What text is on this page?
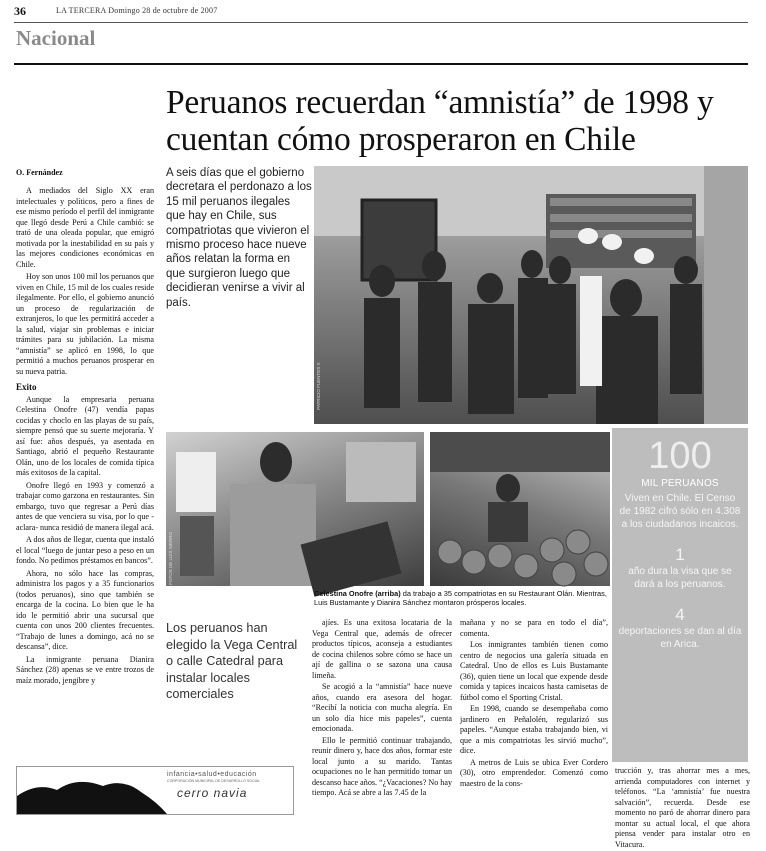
36	LA TERCERA Domingo 28 de octubre de 2007
Nacional
Peruanos recuerdan “amnistía” de 1998 y cuentan cómo prosperaron en Chile
O. Fernández

A mediados del Siglo XX eran intelectuales y políticos, pero a fines de ese mismo período el perfil del inmigrante que llegó desde Perú a Chile cambió: se trató de una oleada popular, que emigró motivada por la inestabilidad en su país y las mejores condiciones económicas en Chile.

Hoy son unos 100 mil los peruanos que viven en Chile, 15 mil de los cuales reside ilegalmente. Por ello, el gobierno anunció un proceso de regularización de extranjeros, lo que les permitirá acceder a la salud, viajar sin problemas e iniciar trámites para su jubilación. La misma “amnistía” se aplicó en 1998, lo que permitió a muchos peruanos prosperar en su nueva patria.

Exito

Aunque la empresaria peruana Celestina Onofre (47) vendía papas cocidas y choclo en las playas de su país, siempre pensó que su suerte mejoraría. Y así fue: años después, ya asentada en Santiago, abrió el pequeño Restaurante Olán, uno de los locales de comida típica más exitosos de la capital.

Onofre llegó en 1993 y comenzó a trabajar como garzona en restaurantes. Sin embargo, tuvo que regresar a Perú días antes de que venciera su visa, por lo que -aclara- nunca residió de manera ilegal acá.

A dos años de llegar, cuenta que instaló el local “luego de juntar peso a peso en un fondo. No pedimos préstamos en bancos”.

Ahora, no sólo hace las compras, administra los pagos y a 35 funcionarios (todos peruanos), sino que también se encarga de la cocina. Lo bien que le ha ido le permitió abrir una sucursal que cuenta con unos 200 clientes frecuentes. “Trabajo de lunes a domingo, acá no se descansa”, dice.

La inmigrante peruana Dianira Sánchez (28) apenas se ve entre trozos de maíz morado, jengibre y

A seis días que el gobierno decretara el perdonazo a los 15 mil peruanos ilegales que hay en Chile, sus compatriotas que vivieron el mismo proceso hace nueve años relatan la forma en que surgieron luego que decidieran venirse a vivir al país.
PATRICIO FUENTES Y.
FOTOS DE LUIS SIERRO
Celestina Onofre (arriba) da trabajo a 35 compatriotas en su Restaurant Olán. Mientras, Luis Bustamante y Dianira Sánchez montaron prósperos locales.
Los peruanos han elegido la Vega Central o calle Catedral para instalar locales comerciales

ajíes. Es una exitosa locataria de la Vega Central que, además de ofrecer productos típicos, aconseja a estudiantes de cocina chilenos sobre cómo se hace un ají de gallina o se sazona una causa limeña.

Se acogió a la “amnistía” hace nueve años, cuando era asesora del hogar. “Recibí la noticia con mucha alegría. En un solo día hice mis papeles”, cuenta emocionada.

Ello le permitió continuar trabajando, reunir dinero y, hace dos años, formar este local junto a su marido. Tantas ocupaciones no le han permitido tomar un descanso hace años. “¿Vacaciones? No hay tiempo. Acá se abre a las 7.45 de la

mañana y no se para en todo el día”, comenta.

Los inmigrantes también tienen como centro de negocios una galería situada en Catedral. Uno de ellos es Luis Bustamante (36), quien tiene un local que expende desde comida y tapices incaicos hasta camisetas de fútbol como el Sporting Cristal.

En 1998, cuando se desempeñaba como jardinero en Peñalolén, regularizó sus papeles. “Aunque estaba trabajando bien, vi que a mis compatriotas les sirvió mucho”, dice.

A metros de Luis se ubica Ever Cordero (30), otro emprendedor. Comenzó como maestro de la cons-

trucción y, tras ahorrar mes a mes, arrienda computadores con internet y teléfonos. “La ‘amnistía’ fue nuestra salvación”, recuerda. Desde ese momento no paró de ahorrar dinero para montar su actual local, el que ahora piensa vender para instalar otro en Vitacura.

100
MIL PERUANOS
Viven en Chile. El Censo de 1982 cifró sólo en 4.308 a los ciudadanos incaicos.
1
año dura la visa que se dará a los peruanos.
4
deportaciones se dan al día en Arica.
infancia•salud•educación
CORPORACIÓN MUNICIPAL DE DESARROLLO SOCIAL
cerro navia
